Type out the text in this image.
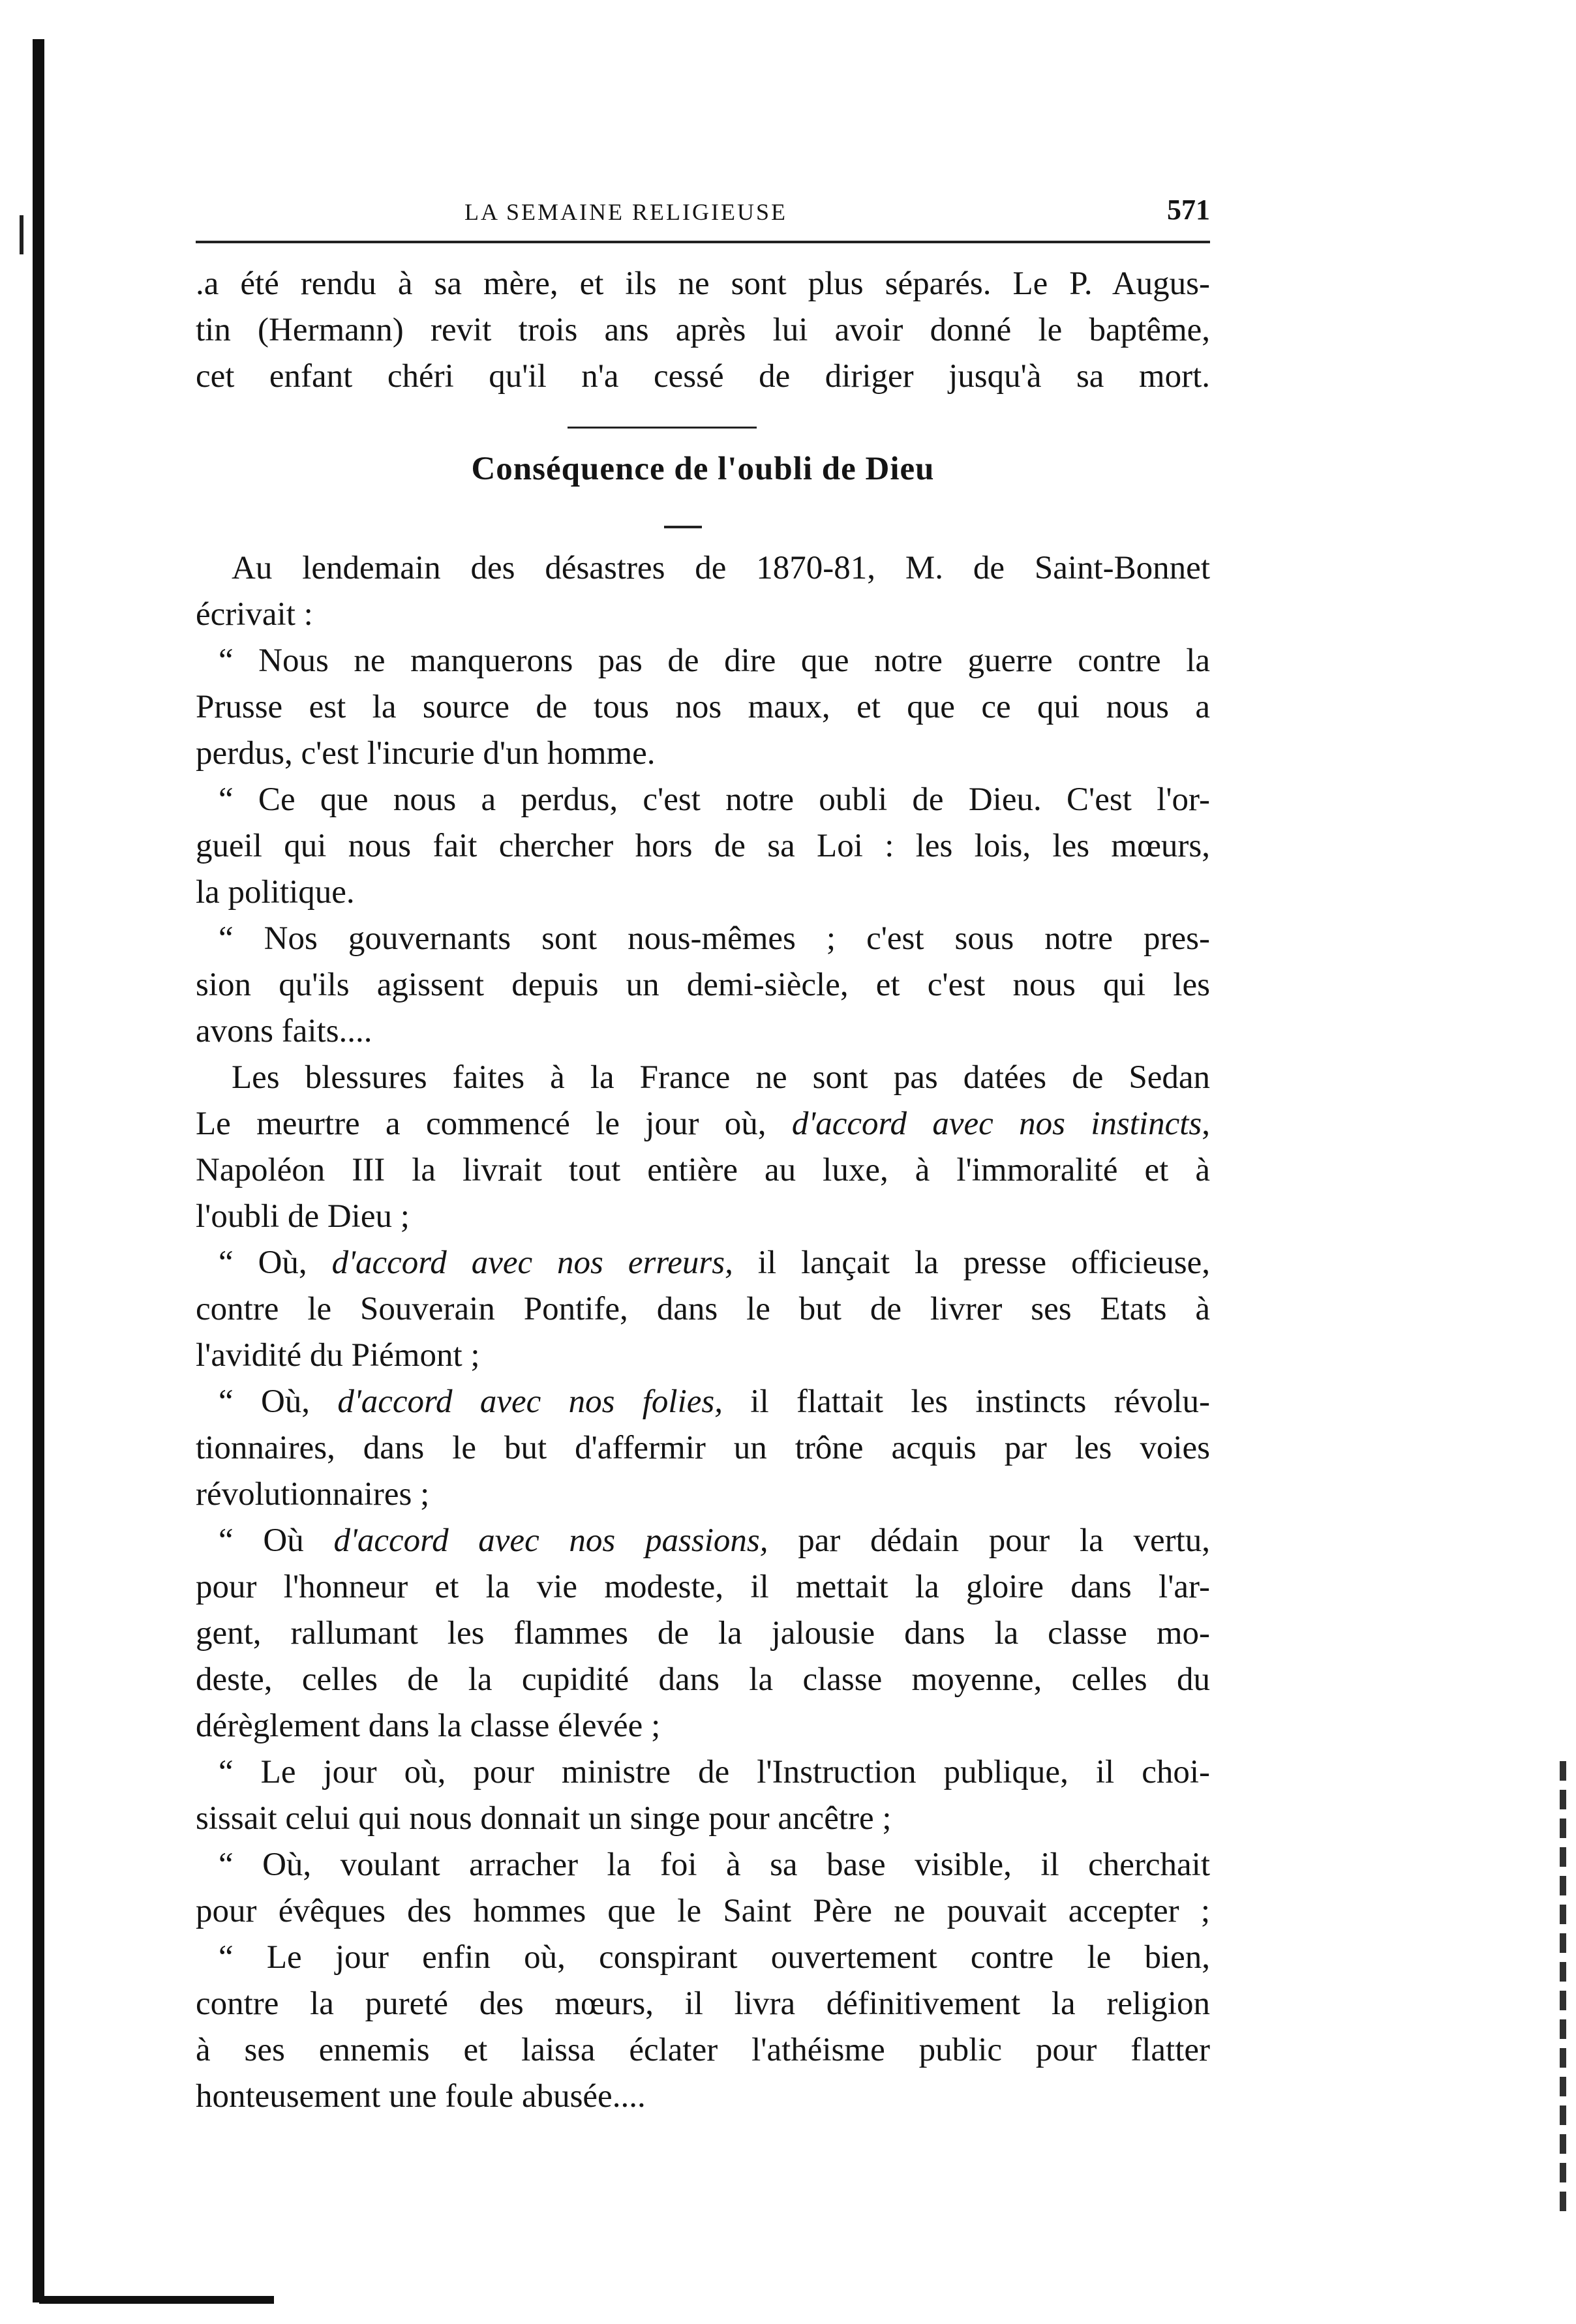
LA SEMAINE RELIGIEUSE	571
.a été rendu à sa mère, et ils ne sont plus séparés. Le P. Augus-
tin (Hermann) revit trois ans après lui avoir donné le baptême,
cet enfant chéri qu'il n'a cessé de diriger jusqu'à sa mort.
Conséquence de l'oubli de Dieu
Au lendemain des désastres de 1870-81, M. de Saint-Bonnet
écrivait :
“ Nous ne manquerons pas de dire que notre guerre contre la
Prusse est la source de tous nos maux, et que ce qui nous a
perdus, c'est l'incurie d'un homme.
“ Ce que nous a perdus, c'est notre oubli de Dieu. C'est l'or-
gueil qui nous fait chercher hors de sa Loi : les lois, les mœurs,
la politique.
“ Nos gouvernants sont nous-mêmes ; c'est sous notre pres-
sion qu'ils agissent depuis un demi-siècle, et c'est nous qui les
avons faits....
Les blessures faites à la France ne sont pas datées de Sedan
Le meurtre a commencé le jour où, d'accord avec nos instincts,
Napoléon III la livrait tout entière au luxe, à l'immoralité et à
l'oubli de Dieu ;
“ Où, d'accord avec nos erreurs, il lançait la presse officieuse,
contre le Souverain Pontife, dans le but de livrer ses Etats à
l'avidité du Piémont ;
“ Où, d'accord avec nos folies, il flattait les instincts révolu-
tionnaires, dans le but d'affermir un trône acquis par les voies
révolutionnaires ;
“ Où d'accord avec nos passions, par dédain pour la vertu,
pour l'honneur et la vie modeste, il mettait la gloire dans l'ar-
gent, rallumant les flammes de la jalousie dans la classe mo-
deste, celles de la cupidité dans la classe moyenne, celles du
dérèglement dans la classe élevée ;
“ Le jour où, pour ministre de l'Instruction publique, il choi-
sissait celui qui nous donnait un singe pour ancêtre ;
“ Où, voulant arracher la foi à sa base visible, il cherchait
pour évêques des hommes que le Saint Père ne pouvait accepter ;
“ Le jour enfin où, conspirant ouvertement contre le bien,
contre la pureté des mœurs, il livra définitivement la religion
à ses ennemis et laissa éclater l'athéisme public pour flatter
honteusement une foule abusée....
